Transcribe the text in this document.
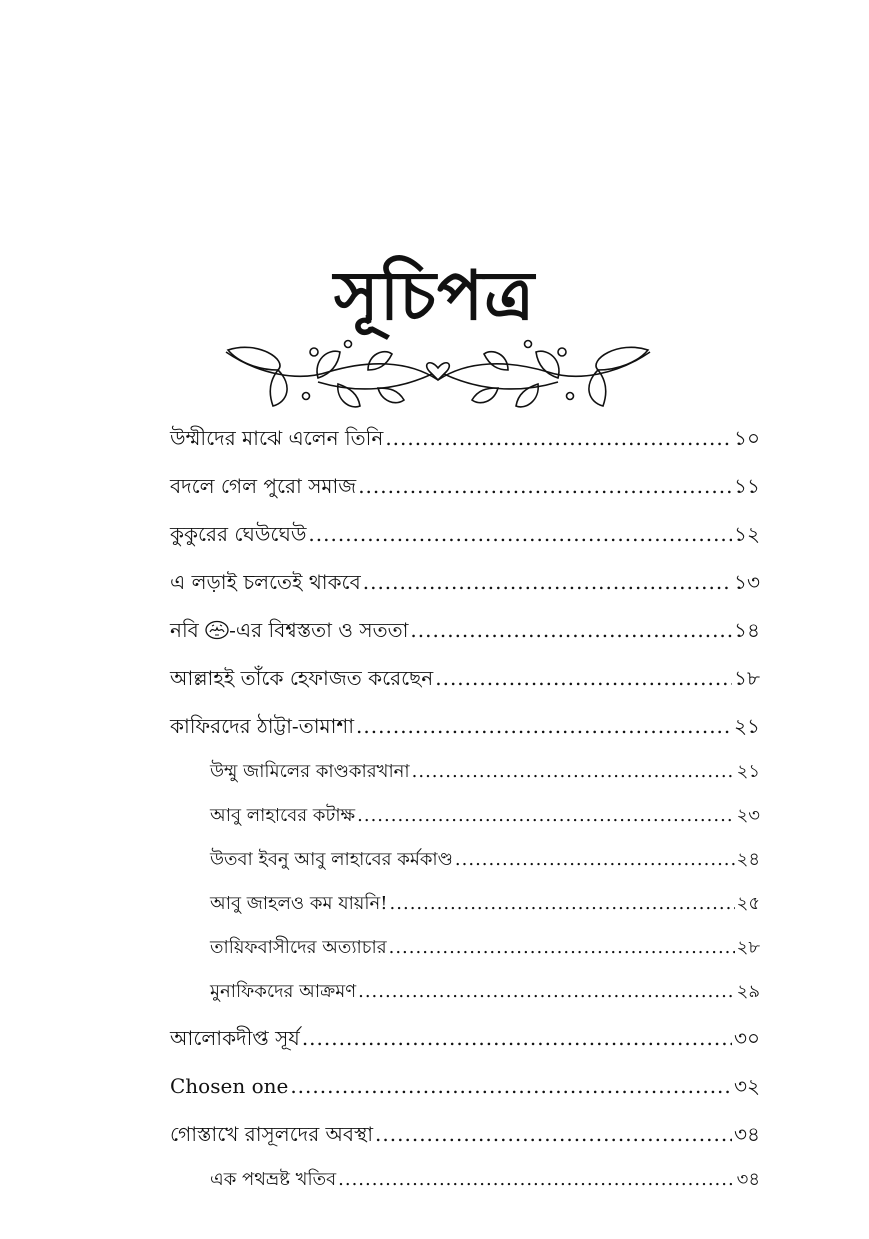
সূচিপত্র
উম্মীদের মাঝে এলেন তিনি .....	১০
বদলে গেল পুরো সমাজ .....	১১
কুকুরের ঘেউঘেউ .....	১২
এ লড়াই চলতেই থাকবে .....	১৩
নবি -এর বিশ্বস্ততা ও সততা .....	১৪
আল্লাহই তাঁকে হেফাজত করেছেন .....	১৮
কাফিরদের ঠাট্টা-তামাশা .....	২১
উম্মু জামিলের কাণ্ডকারখানা .....	২১
আবু লাহাবের কটাক্ষ .....	২৩
উতবা ইবনু আবু লাহাবের কর্মকাণ্ড .....	২৪
আবু জাহলও কম যায়নি! .....	২৫
তায়িফবাসীদের অত্যাচার .....	২৮
মুনাফিকদের আক্রমণ .....	২৯
আলোকদীপ্ত সূর্য .....	৩০
Chosen one .....	৩২
গোস্তাখে রাসূলদের অবস্থা .....	৩৪
এক পথভ্রষ্ট খতিব .....	৩৪
